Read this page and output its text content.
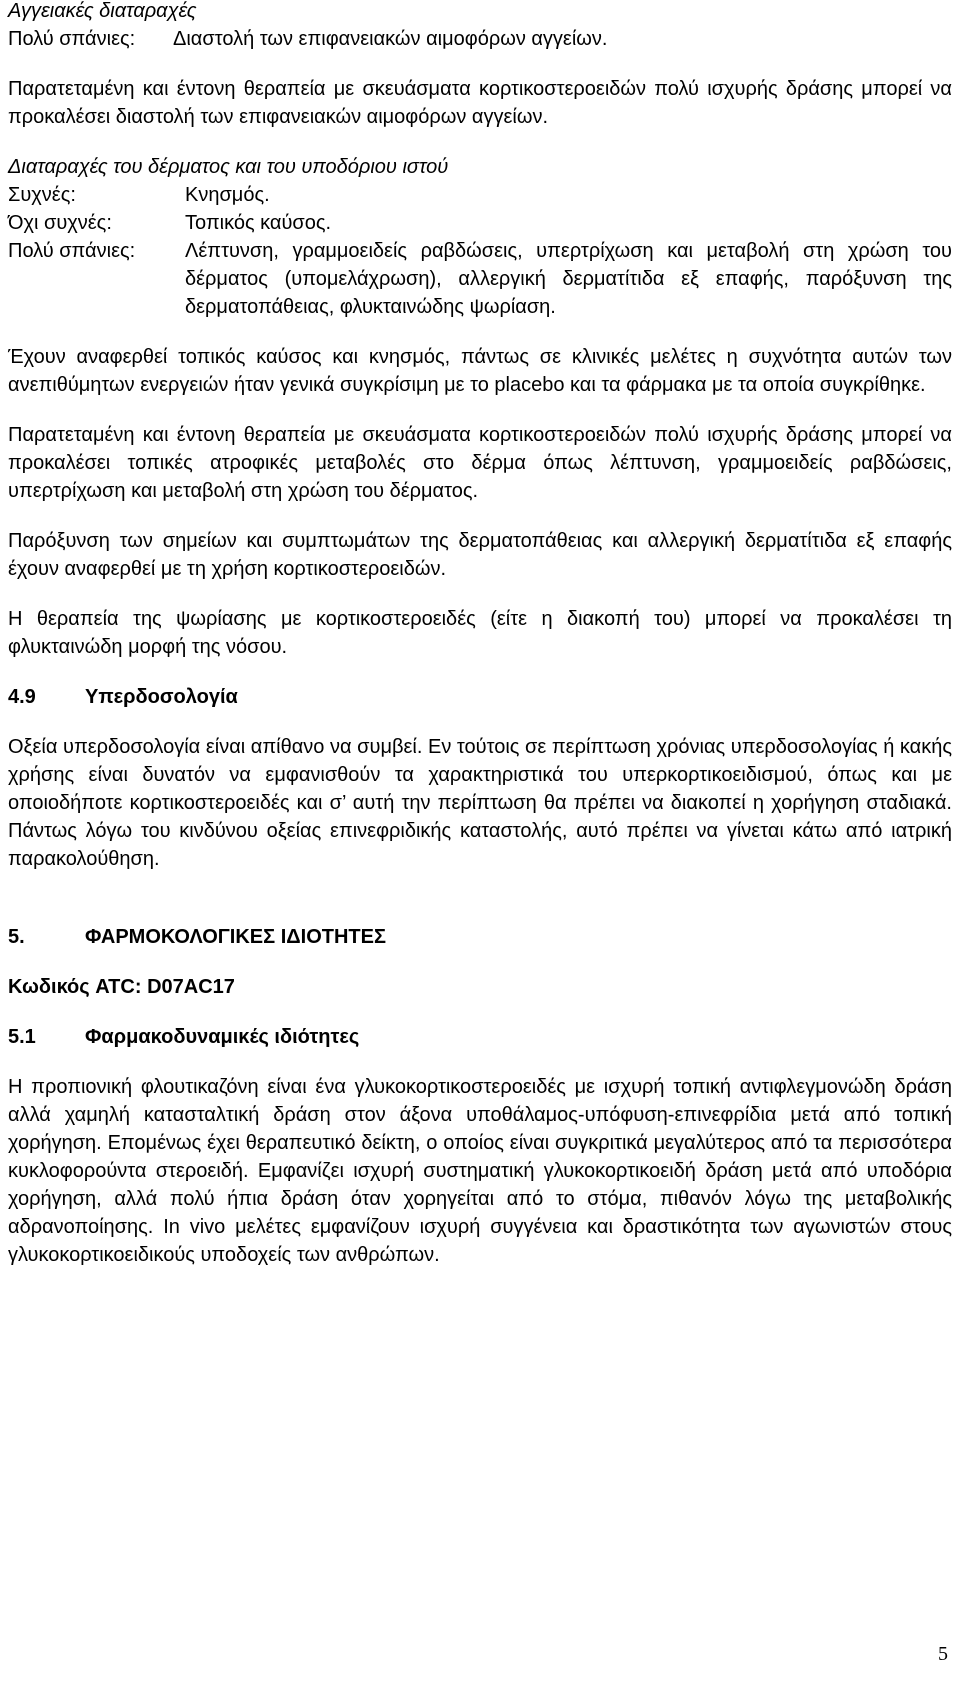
Αγγειακές διαταραχές

Πολύ σπάνιες:	Διαστολή των επιφανειακών αιμοφόρων αγγείων.

Παρατεταμένη και έντονη θεραπεία με σκευάσματα κορτικοστεροειδών πολύ ισχυρής δράσης μπορεί να προκαλέσει διαστολή των επιφανειακών αιμοφόρων αγγείων.

Διαταραχές του δέρματος και του υποδόριου ιστού

Συχνές:	Κνησμός.
Όχι συχνές:	Τοπικός καύσος.
Πολύ σπάνιες:	Λέπτυνση, γραμμοειδείς ραβδώσεις, υπερτρίχωση και μεταβολή στη χρώση του δέρματος (υπομελάχρωση), αλλεργική δερματίτιδα εξ επαφής, παρόξυνση της δερματοπάθειας, φλυκταινώδης ψωρίαση.

Έχουν αναφερθεί τοπικός καύσος και κνησμός, πάντως σε κλινικές μελέτες η συχνότητα αυτών των ανεπιθύμητων ενεργειών ήταν γενικά συγκρίσιμη με το placebo και τα φάρμακα με τα οποία συγκρίθηκε.

Παρατεταμένη και έντονη θεραπεία με σκευάσματα κορτικοστεροειδών πολύ ισχυρής δράσης μπορεί να προκαλέσει τοπικές ατροφικές μεταβολές στο δέρμα όπως λέπτυνση, γραμμοειδείς ραβδώσεις, υπερτρίχωση και μεταβολή στη χρώση του δέρματος.

Παρόξυνση των σημείων και συμπτωμάτων της δερματοπάθειας και αλλεργική δερματίτιδα εξ επαφής έχουν αναφερθεί με τη χρήση κορτικοστεροειδών.

Η θεραπεία της ψωρίασης με κορτικοστεροειδές (είτε η διακοπή του) μπορεί να προκαλέσει τη φλυκταινώδη μορφή της νόσου.

4.9	Υπερδοσολογία

Οξεία υπερδοσολογία είναι απίθανο να συμβεί. Εν τούτοις σε περίπτωση χρόνιας υπερδοσολογίας ή κακής χρήσης είναι δυνατόν να εμφανισθούν τα χαρακτηριστικά του υπερκορτικοειδισμού, όπως και με οποιοδήποτε κορτικοστεροειδές και σ’ αυτή την περίπτωση θα πρέπει να διακοπεί η χορήγηση σταδιακά. Πάντως λόγω του κινδύνου οξείας επινεφριδικής καταστολής, αυτό πρέπει να γίνεται κάτω από ιατρική παρακολούθηση.

5.	ΦΑΡΜΟΚΟΛΟΓΙΚΕΣ ΙΔΙΟΤΗΤΕΣ

Κωδικός ATC: D07AC17

5.1	Φαρμακοδυναμικές ιδιότητες

Η προπιονική φλουτικαζόνη είναι ένα γλυκοκορτικοστεροειδές με ισχυρή τοπική αντιφλεγμονώδη δράση αλλά χαμηλή κατασταλτική δράση στον άξονα υποθάλαμος-υπόφυση-επινεφρίδια μετά από τοπική χορήγηση. Επομένως έχει θεραπευτικό δείκτη, ο οποίος είναι συγκριτικά μεγαλύτερος από τα περισσότερα κυκλοφορούντα στεροειδή. Εμφανίζει ισχυρή συστηματική γλυκοκορτικοειδή δράση μετά από υποδόρια χορήγηση, αλλά πολύ ήπια δράση όταν χορηγείται από το στόμα, πιθανόν λόγω της μεταβολικής αδρανοποίησης. In vivo μελέτες εμφανίζουν ισχυρή συγγένεια και δραστικότητα των αγωνιστών στους γλυκοκορτικοειδικούς υποδοχείς των ανθρώπων.

5
